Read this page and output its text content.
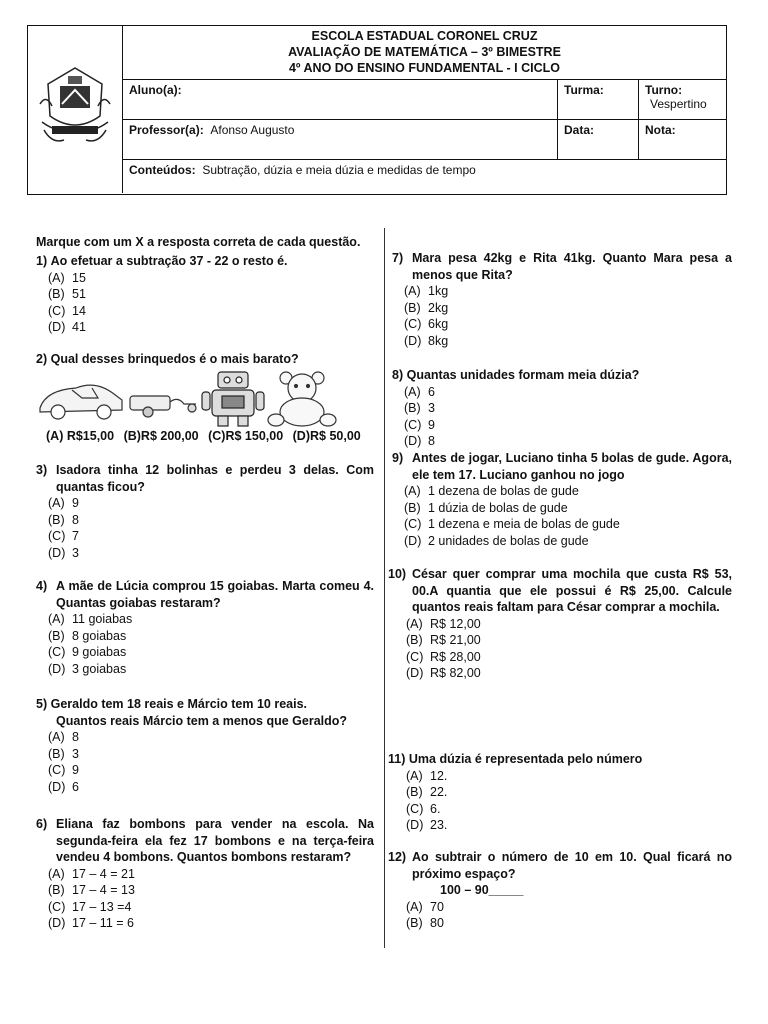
ESCOLA ESTADUAL CORONEL CRUZ
AVALIAÇÃO DE MATEMÁTICA – 3º BIMESTRE
4º ANO DO ENSINO FUNDAMENTAL - I CICLO
Aluno(a):	Turma:	Turno:
Vespertino
Professor(a): Afonso Augusto	Data:	Nota:
Conteúdos: Subtração, dúzia e meia dúzia e medidas de tempo
Marque com um X a resposta correta de cada questão.
1) Ao efetuar a subtração 37 - 22 o resto é.
(A) 15
(B) 51
(C) 14
(D) 41
2) Qual desses brinquedos é o mais barato?
(A) R$15,00 (B)R$ 200,00 (C)R$ 150,00 (D)R$ 50,00
3) Isadora tinha 12 bolinhas e perdeu 3 delas. Com quantas ficou?
(A) 9
(B) 8
(C) 7
(D) 3
4) A mãe de Lúcia comprou 15 goiabas. Marta comeu 4. Quantas goiabas restaram?
(A) 11 goiabas
(B) 8 goiabas
(C) 9 goiabas
(D) 3 goiabas
5) Geraldo tem 18 reais e Márcio tem 10 reais.
Quantos reais Márcio tem a menos que Geraldo?
(A) 8
(B) 3
(C) 9
(D) 6
6) Eliana faz bombons para vender na escola. Na segunda-feira ela fez 17 bombons e na terça-feira vendeu 4 bombons. Quantos bombons restaram?
(A) 17 – 4 = 21
(B) 17 – 4 = 13
(C) 17 – 13 =4
(D) 17 – 11 = 6
7) Mara pesa 42kg e Rita 41kg. Quanto Mara pesa a menos que Rita?
(A) 1kg
(B) 2kg
(C) 6kg
(D) 8kg
8) Quantas unidades formam meia dúzia?
(A) 6
(B) 3
(C) 9
(D) 8
9) Antes de jogar, Luciano tinha 5 bolas de gude. Agora, ele tem 17. Luciano ganhou no jogo
(A) 1 dezena de bolas de gude
(B) 1 dúzia de bolas de gude
(C) 1 dezena e meia de bolas de gude
(D) 2 unidades de bolas de gude
10) César quer comprar uma mochila que custa R$ 53, 00.A quantia que ele possui é R$ 25,00. Calcule quantos reais faltam para César comprar a mochila.
(A) R$ 12,00
(B) R$ 21,00
(C) R$ 28,00
(D) R$ 82,00
11) Uma dúzia é representada pelo número
(A) 12.
(B) 22.
(C) 6.
(D) 23.
12) Ao subtrair o número de 10 em 10. Qual ficará no próximo espaço?
100 – 90_____
(A) 70
(B) 80
